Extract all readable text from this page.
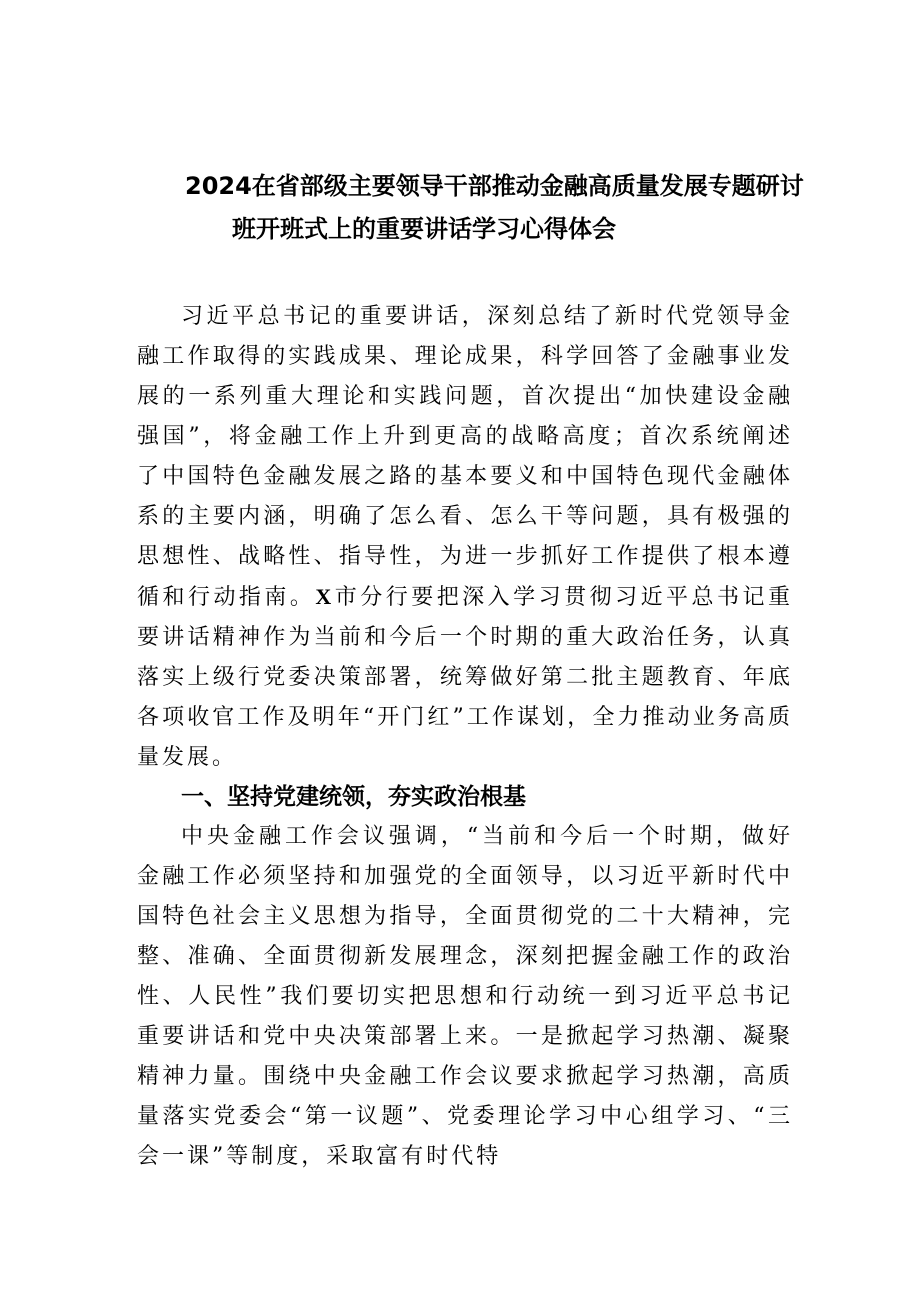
2024在省部级主要领导干部推动金融高质量发展专题研讨
班开班式上的重要讲话学习心得体会

习近平总书记的重要讲话，深刻总结了新时代党领导金融工作取得的实践成果、理论成果，科学回答了金融事业发展的一系列重大理论和实践问题，首次提出“加快建设金融强国”，将金融工作上升到更高的战略高度；首次系统阐述了中国特色金融发展之路的基本要义和中国特色现代金融体系的主要内涵，明确了怎么看、怎么干等问题，具有极强的思想性、战略性、指导性，为进一步抓好工作提供了根本遵循和行动指南。X市分行要把深入学习贯彻习近平总书记重要讲话精神作为当前和今后一个时期的重大政治任务，认真落实上级行党委决策部署，统筹做好第二批主题教育、年底各项收官工作及明年“开门红”工作谋划，全力推动业务高质量发展。

一、坚持党建统领，夯实政治根基

中央金融工作会议强调，“当前和今后一个时期，做好金融工作必须坚持和加强党的全面领导，以习近平新时代中国特色社会主义思想为指导，全面贯彻党的二十大精神，完整、准确、全面贯彻新发展理念，深刻把握金融工作的政治性、人民性”我们要切实把思想和行动统一到习近平总书记重要讲话和党中央决策部署上来。一是掀起学习热潮、凝聚精神力量。围绕中央金融工作会议要求掀起学习热潮，高质量落实党委会“第一议题”、党委理论学习中心组学习、“三会一课”等制度，采取富有时代特
